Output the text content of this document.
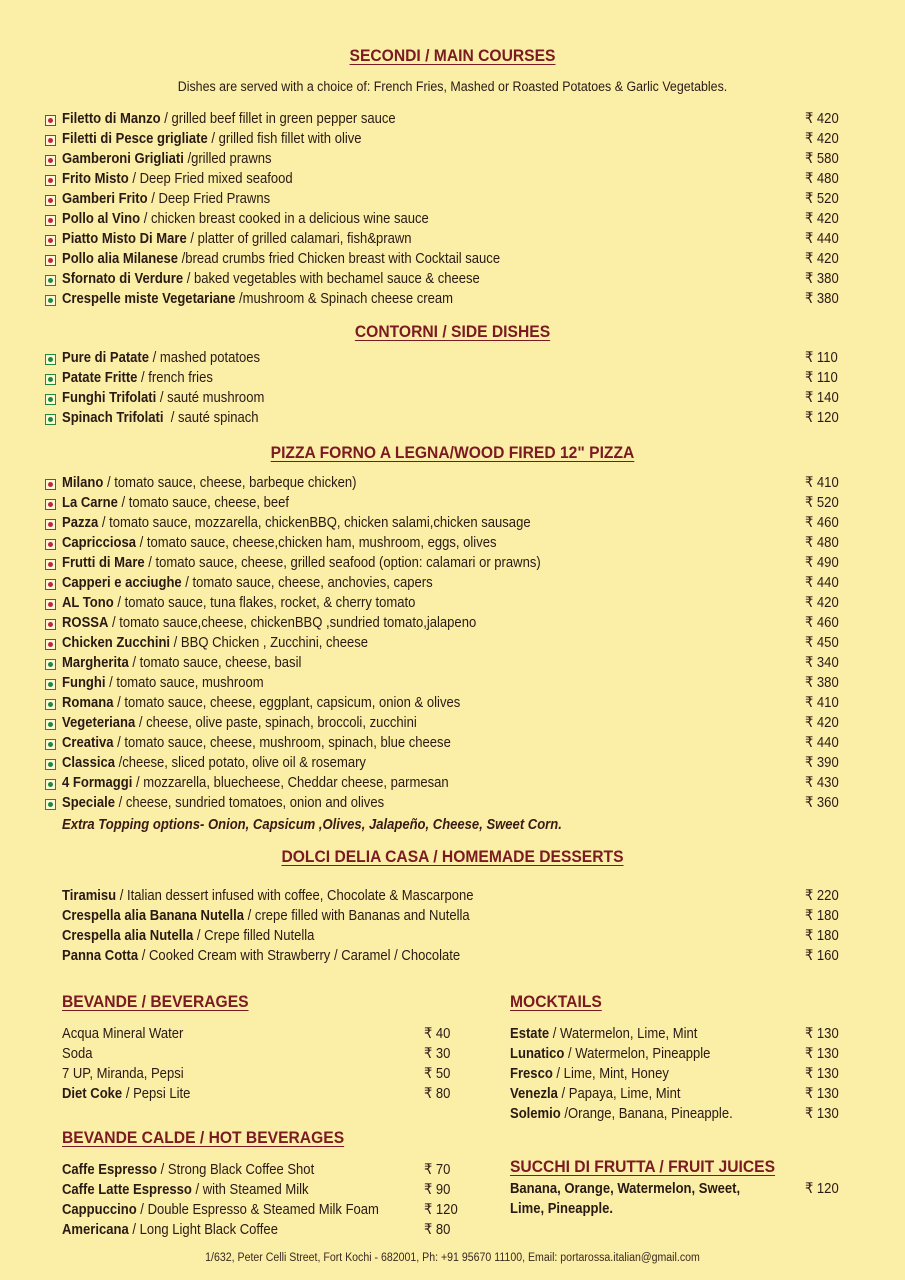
SECONDI / MAIN COURSES
Dishes are served with a choice of: French Fries, Mashed or Roasted Potatoes & Garlic Vegetables.
Filetto di Manzo / grilled beef fillet in green pepper sauce	₹ 420
Filetti di Pesce grigliate / grilled fish fillet with olive	₹ 420
Gamberoni Grigliati /grilled prawns	₹ 580
Frito Misto / Deep Fried mixed seafood	₹ 480
Gamberi Frito / Deep Fried Prawns	₹ 520
Pollo al Vino / chicken breast cooked in a delicious wine sauce	₹ 420
Piatto Misto Di Mare / platter of grilled calamari, fish&prawn	₹ 440
Pollo alia Milanese /bread crumbs fried Chicken breast with Cocktail sauce	₹ 420
Sfornato di Verdure / baked vegetables with bechamel sauce & cheese	₹ 380
Crespelle miste Vegetariane /mushroom & Spinach cheese cream	₹ 380
CONTORNI / SIDE DISHES
Pure di Patate / mashed potatoes	₹ 110
Patate Fritte / french fries	₹ 110
Funghi Trifolati / sauté mushroom	₹ 140
Spinach Trifolati  / sauté spinach	₹ 120
PIZZA FORNO A LEGNA/WOOD FIRED 12" PIZZA
Milano / tomato sauce, cheese, barbeque chicken)	₹ 410
La Carne / tomato sauce, cheese, beef	₹ 520
Pazza / tomato sauce, mozzarella, chickenBBQ, chicken salami,chicken sausage	₹ 460
Capricciosa / tomato sauce, cheese,chicken ham, mushroom, eggs, olives	₹ 480
Frutti di Mare / tomato sauce, cheese, grilled seafood (option: calamari or prawns)	₹ 490
Capperi e acciughe / tomato sauce, cheese, anchovies, capers	₹ 440
AL Tono / tomato sauce, tuna flakes, rocket, & cherry tomato	₹ 420
ROSSA / tomato sauce,cheese, chickenBBQ ,sundried tomato,jalapeno	₹ 460
Chicken Zucchini / BBQ Chicken , Zucchini, cheese	₹ 450
Margherita / tomato sauce, cheese, basil	₹ 340
Funghi / tomato sauce, mushroom	₹ 380
Romana / tomato sauce, cheese, eggplant, capsicum, onion & olives	₹ 410
Vegeteriana / cheese, olive paste, spinach, broccoli, zucchini	₹ 420
Creativa / tomato sauce, cheese, mushroom, spinach, blue cheese	₹ 440
Classica /cheese, sliced potato, olive oil & rosemary	₹ 390
4 Formaggi / mozzarella, bluecheese, Cheddar cheese, parmesan	₹ 430
Speciale / cheese, sundried tomatoes, onion and olives	₹ 360
Extra Topping options- Onion, Capsicum ,Olives, Jalapeño, Cheese, Sweet Corn.
DOLCI DELIA CASA / HOMEMADE DESSERTS
Tiramisu / Italian dessert infused with coffee, Chocolate & Mascarpone	₹ 220
Crespella alia Banana Nutella / crepe filled with Bananas and Nutella	₹ 180
Crespella alia Nutella / Crepe filled Nutella	₹ 180
Panna Cotta / Cooked Cream with Strawberry / Caramel / Chocolate	₹ 160
BEVANDE / BEVERAGES
Acqua Mineral Water	₹ 40
Soda	₹ 30
7 UP, Miranda, Pepsi	₹ 50
Diet Coke / Pepsi Lite	₹ 80
BEVANDE CALDE / HOT BEVERAGES
Caffe Espresso / Strong Black Coffee Shot	₹ 70
Caffe Latte Espresso / with Steamed Milk	₹ 90
Cappuccino / Double Espresso & Steamed Milk Foam	₹ 120
Americana / Long Light Black Coffee	₹ 80
MOCKTAILS
Estate / Watermelon, Lime, Mint	₹ 130
Lunatico / Watermelon, Pineapple	₹ 130
Fresco / Lime, Mint, Honey	₹ 130
Venezla / Papaya, Lime, Mint	₹ 130
Solemio /Orange, Banana, Pineapple.	₹ 130
SUCCHI DI FRUTTA / FRUIT JUICES
Banana, Orange, Watermelon, Sweet,
Lime, Pineapple.
₹ 120
1/632, Peter Celli Street, Fort Kochi - 682001, Ph: +91 95670 11100, Email: portarossa.italian@gmail.com
